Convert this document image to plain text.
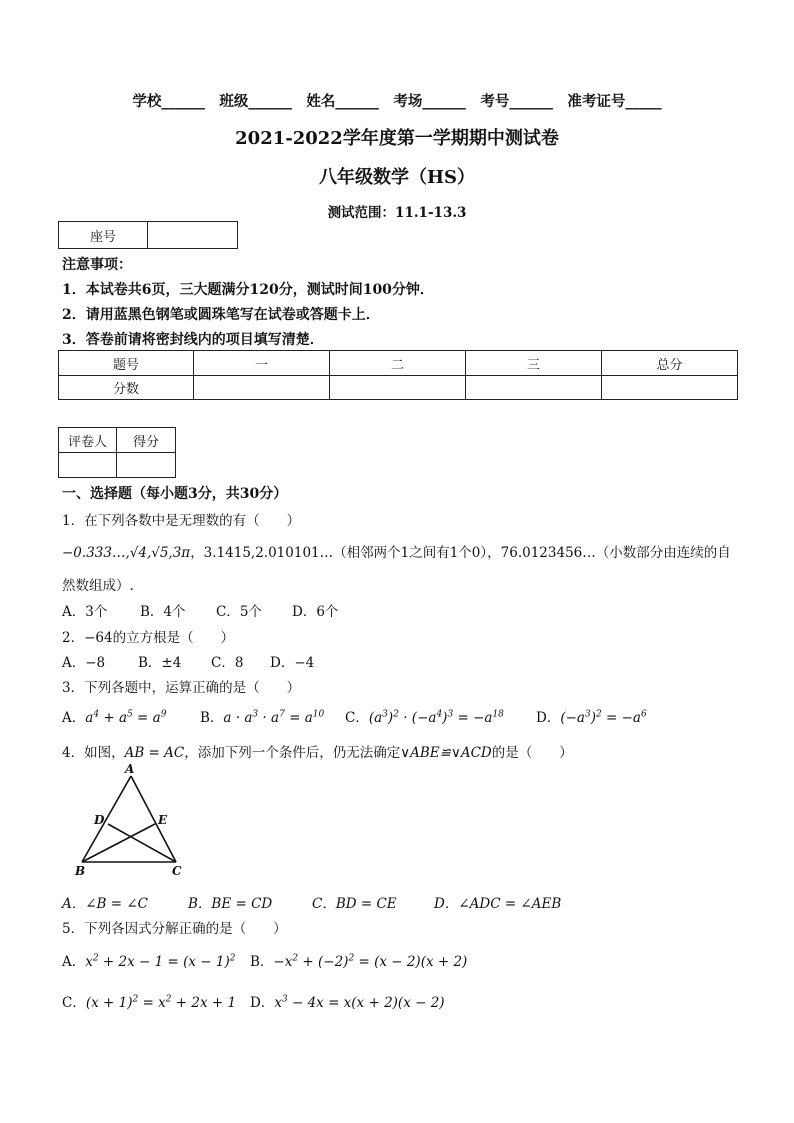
学校______　班级______　姓名______　考场______　考号______　准考证号_____
2021-2022学年度第一学期期中测试卷
八年级数学（HS）
测试范围：11.1-13.3
座号	
注意事项：
1．本试卷共6页，三大题满分120分，测试时间100分钟．
2．请用蓝黑色钢笔或圆珠笔写在试卷或答题卡上．
3．答卷前请将密封线内的项目填写清楚．
题号	一	二	三	总分
分数				
评卷人	得分

一、选择题（每小题3分，共30分）
1．在下列各数中是无理数的有（　　）
−0.333…,√4,√5,3π，3.1415,2.010101…（相邻两个1之间有1个0），76.0123456…（小数部分由连续的自
然数组成）.
A．3个 B．4个 C．5个 D．6个
2．−64的立方根是（　　）
A．−8 B．±4 C．8 D．−4
3．下列各题中，运算正确的是（　　）
A．$a^4 + a^5 = a^9$ B．$a \cdot a^3 \cdot a^7 = a^{10}$ C．$(a^3)^2 \cdot (-a^4)^3 = -a^{18}$ D．$(-a^3)^2 = -a^6$
4．如图，AB = AC，添加下列一个条件后，仍无法确定∨ABE≌∨ACD的是（　　）
A
D	E
B	C
A．∠B = ∠C	B．BE = CD	C．BD = CE	D．∠ADC = ∠AEB
5．下列各因式分解正确的是（　　）
A．$x^2 + 2x - 1 = (x - 1)^2$ B．$-x^2 + (-2)^2 = (x - 2)(x + 2)$
C．$(x + 1)^2 = x^2 + 2x + 1$ D．$x^3 - 4x = x(x + 2)(x - 2)$
